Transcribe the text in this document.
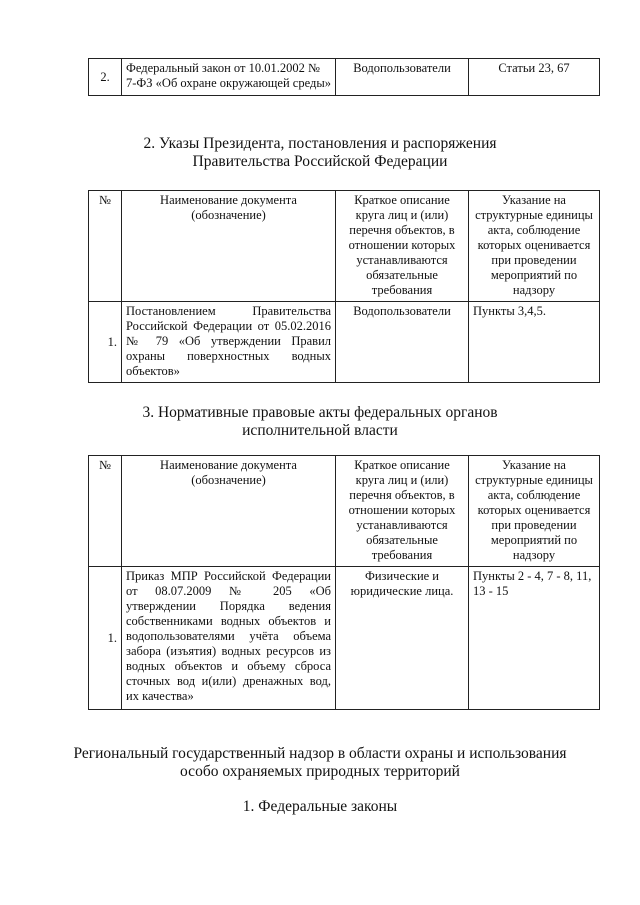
2.	Федеральный закон от 10.01.2002 № 7-ФЗ «Об охране окружающей среды»	Водопользователи	Статьи 23, 67
2. Указы Президента, постановления и распоряжения
Правительства Российской Федерации
№	Наименование документа (обозначение)	Краткое описание круга лиц и (или) перечня объектов, в отношении которых устанавливаются обязательные требования	Указание на структурные единицы акта, соблюдение которых оценивается при проведении мероприятий по надзору
1.	Постановлением Правительства Российской Федерации от 05.02.2016 № 79 «Об утверждении Правил охраны поверхностных водных объектов»	Водопользователи	Пункты 3,4,5.
3. Нормативные правовые акты федеральных органов
исполнительной власти
№	Наименование документа (обозначение)	Краткое описание круга лиц и (или) перечня объектов, в отношении которых устанавливаются обязательные требования	Указание на структурные единицы акта, соблюдение которых оценивается при проведении мероприятий по надзору
1.	Приказ МПР Российской Федерации от 08.07.2009 № 205 «Об утверждении Порядка ведения собственниками водных объектов и водопользователями учёта объема забора (изъятия) водных ресурсов из водных объектов и объему сброса сточных вод и(или) дренажных вод, их качества»	Физические и юридические лица.	Пункты 2 - 4, 7 - 8, 11, 13 - 15
Региональный государственный надзор в области охраны и использования
особо охраняемых природных территорий
1. Федеральные законы
